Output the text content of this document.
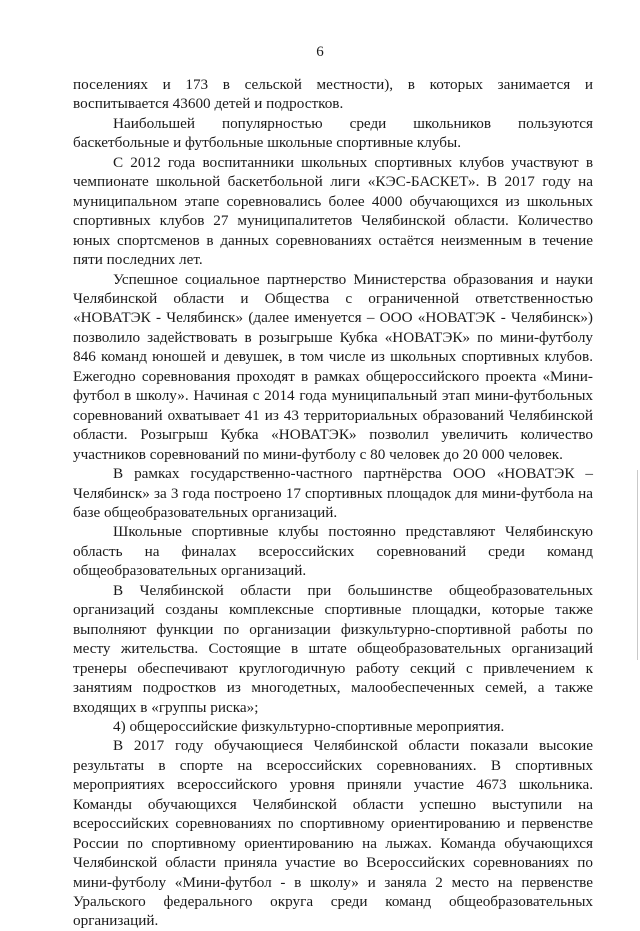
6

поселениях и 173 в сельской местности), в которых занимается и воспитывается 43600 детей и подростков.

Наибольшей популярностью среди школьников пользуются баскетбольные и футбольные школьные спортивные клубы.

С 2012 года воспитанники школьных спортивных клубов участвуют в чемпионате школьной баскетбольной лиги «КЭС-БАСКЕТ». В 2017 году на муниципальном этапе соревновались более 4000 обучающихся из школьных спортивных клубов 27 муниципалитетов Челябинской области. Количество юных спортсменов в данных соревнованиях остаётся неизменным в течение пяти последних лет.

Успешное социальное партнерство Министерства образования и науки Челябинской области и Общества с ограниченной ответственностью «НОВАТЭК - Челябинск» (далее именуется – ООО «НОВАТЭК - Челябинск») позволило задействовать в розыгрыше Кубка «НОВАТЭК» по мини-футболу 846 команд юношей и девушек, в том числе из школьных спортивных клубов. Ежегодно соревнования проходят в рамках общероссийского проекта «Мини-футбол в школу». Начиная с 2014 года муниципальный этап мини-футбольных соревнований охватывает 41 из 43 территориальных образований Челябинской области. Розыгрыш Кубка «НОВАТЭК» позволил увеличить количество участников соревнований по мини-футболу с 80 человек до 20 000 человек.

В рамках государственно-частного партнёрства ООО «НОВАТЭК – Челябинск» за 3 года построено 17 спортивных площадок для мини-футбола на базе общеобразовательных организаций.

Школьные спортивные клубы постоянно представляют Челябинскую область на финалах всероссийских соревнований среди команд общеобразовательных организаций.

В Челябинской области при большинстве общеобразовательных организаций созданы комплексные спортивные площадки, которые также выполняют функции по организации физкультурно-спортивной работы по месту жительства. Состоящие в штате общеобразовательных организаций тренеры обеспечивают круглогодичную работу секций с привлечением к занятиям подростков из многодетных, малообеспеченных семей, а также входящих в «группы риска»;

4) общероссийские физкультурно-спортивные мероприятия.

В 2017 году обучающиеся Челябинской области показали высокие результаты в спорте на всероссийских соревнованиях. В спортивных мероприятиях всероссийского уровня приняли участие 4673 школьника. Команды обучающихся Челябинской области успешно выступили на всероссийских соревнованиях по спортивному ориентированию и первенстве России по спортивному ориентированию на лыжах. Команда обучающихся Челябинской области приняла участие во Всероссийских соревнованиях по мини-футболу «Мини-футбол - в школу» и заняла 2 место на первенстве Уральского федерального округа среди команд общеобразовательных организаций.
